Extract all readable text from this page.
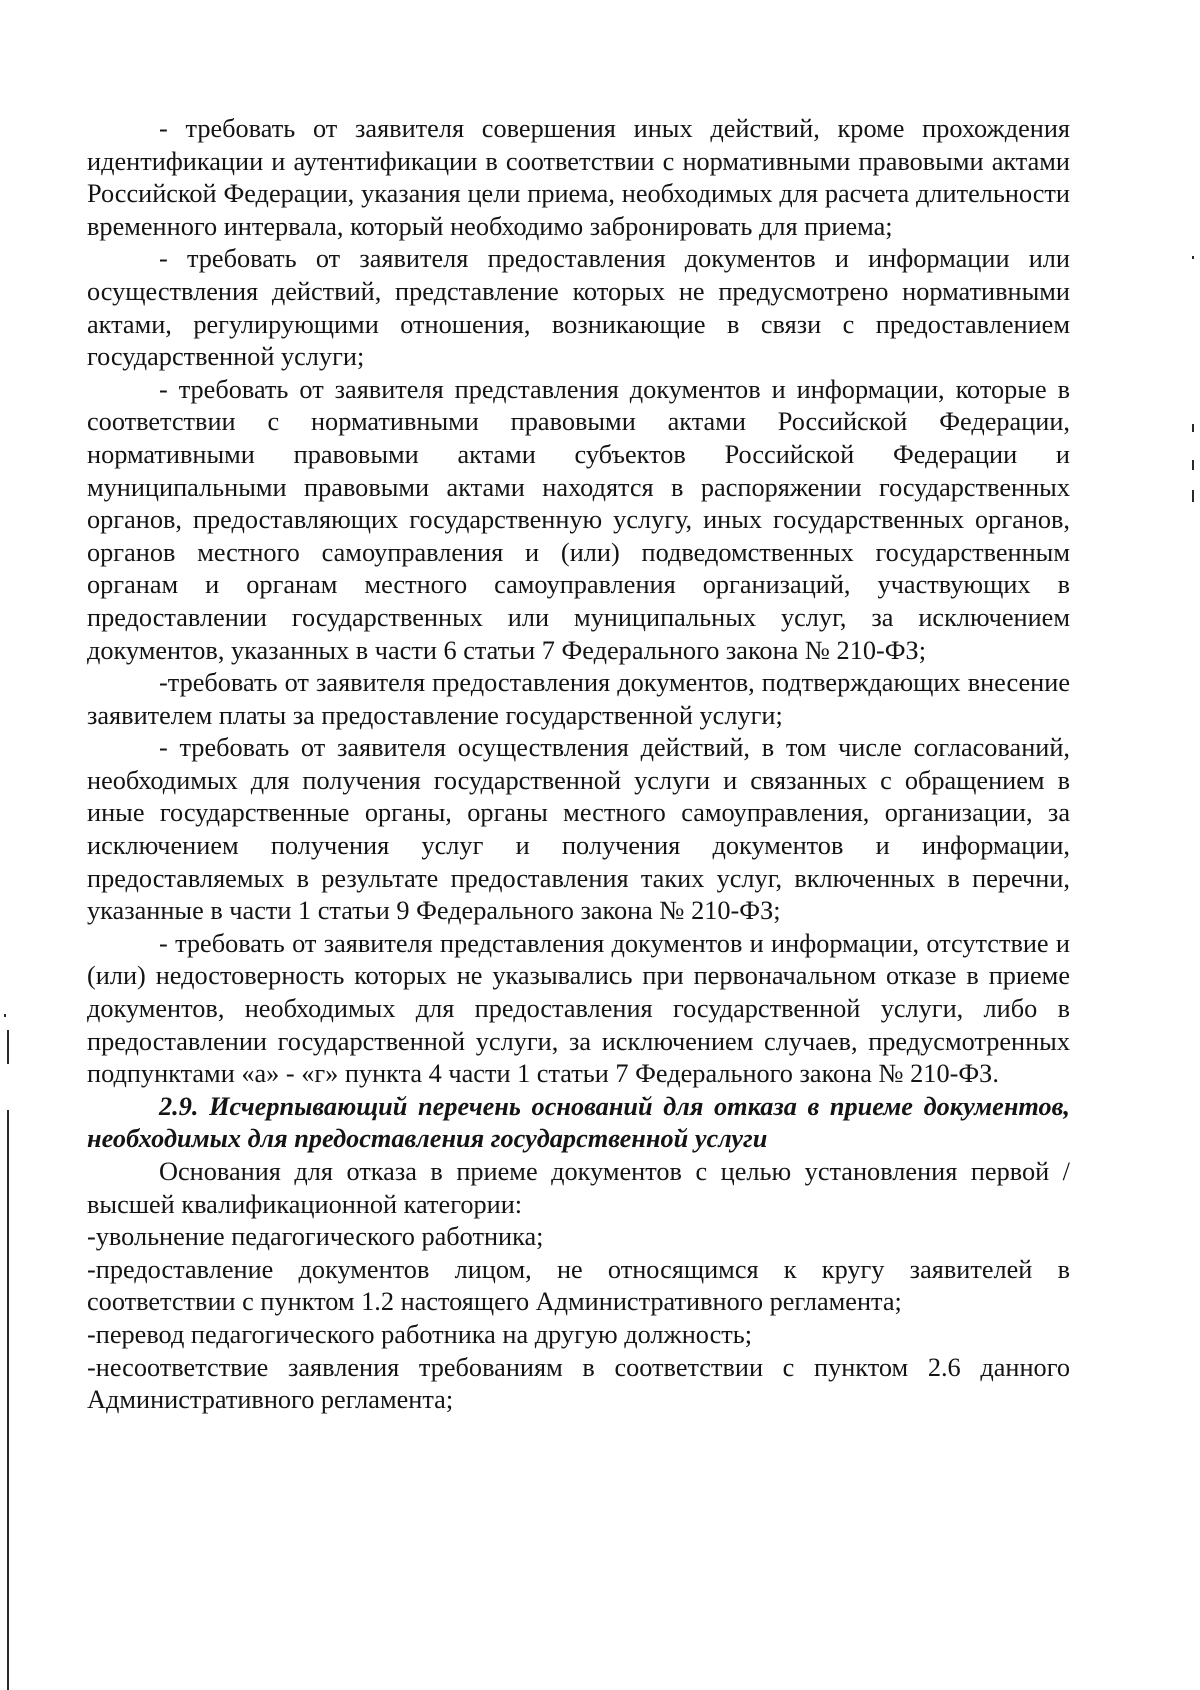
- требовать от заявителя совершения иных действий, кроме прохождения идентификации и аутентификации в соответствии с нормативными правовыми актами Российской Федерации, указания цели приема, необходимых для расчета длительности временного интервала, который необходимо забронировать для приема;

- требовать от заявителя предоставления документов и информации или осуществления действий, представление которых не предусмотрено нормативными актами, регулирующими отношения, возникающие в связи с предоставлением государственной услуги;

- требовать от заявителя представления документов и информации, которые в соответствии с нормативными правовыми актами Российской Федерации, нормативными правовыми актами субъектов Российской Федерации и муниципальными правовыми актами находятся в распоряжении государственных органов, предоставляющих государственную услугу, иных государственных органов, органов местного самоуправления и (или) подведомственных государственным органам и органам местного самоуправления организаций, участвующих в предоставлении государственных или муниципальных услуг, за исключением документов, указанных в части 6 статьи 7 Федерального закона № 210-ФЗ;

-требовать от заявителя предоставления документов, подтверждающих внесение заявителем платы за предоставление государственной услуги;

- требовать от заявителя осуществления действий, в том числе согласований, необходимых для получения государственной услуги и связанных с обращением в иные государственные органы, органы местного самоуправления, организации, за исключением получения услуг и получения документов и информации, предоставляемых в результате предоставления таких услуг, включенных в перечни, указанные в части 1 статьи 9 Федерального закона № 210-ФЗ;

- требовать от заявителя представления документов и информации, отсутствие и (или) недостоверность которых не указывались при первоначальном отказе в приеме документов, необходимых для предоставления государственной услуги, либо в предоставлении государственной услуги, за исключением случаев, предусмотренных подпунктами «а» - «г» пункта 4 части 1 статьи 7 Федерального закона № 210-ФЗ.

2.9. Исчерпывающий перечень оснований для отказа в приеме документов, необходимых для предоставления государственной услуги

Основания для отказа в приеме документов с целью установления первой /высшей квалификационной категории:

-увольнение педагогического работника;

-предоставление документов лицом, не относящимся к кругу заявителей в соответствии с пунктом 1.2 настоящего Административного регламента;

-перевод педагогического работника на другую должность;

-несоответствие заявления требованиям в соответствии с пунктом 2.6 данного Административного регламента;
